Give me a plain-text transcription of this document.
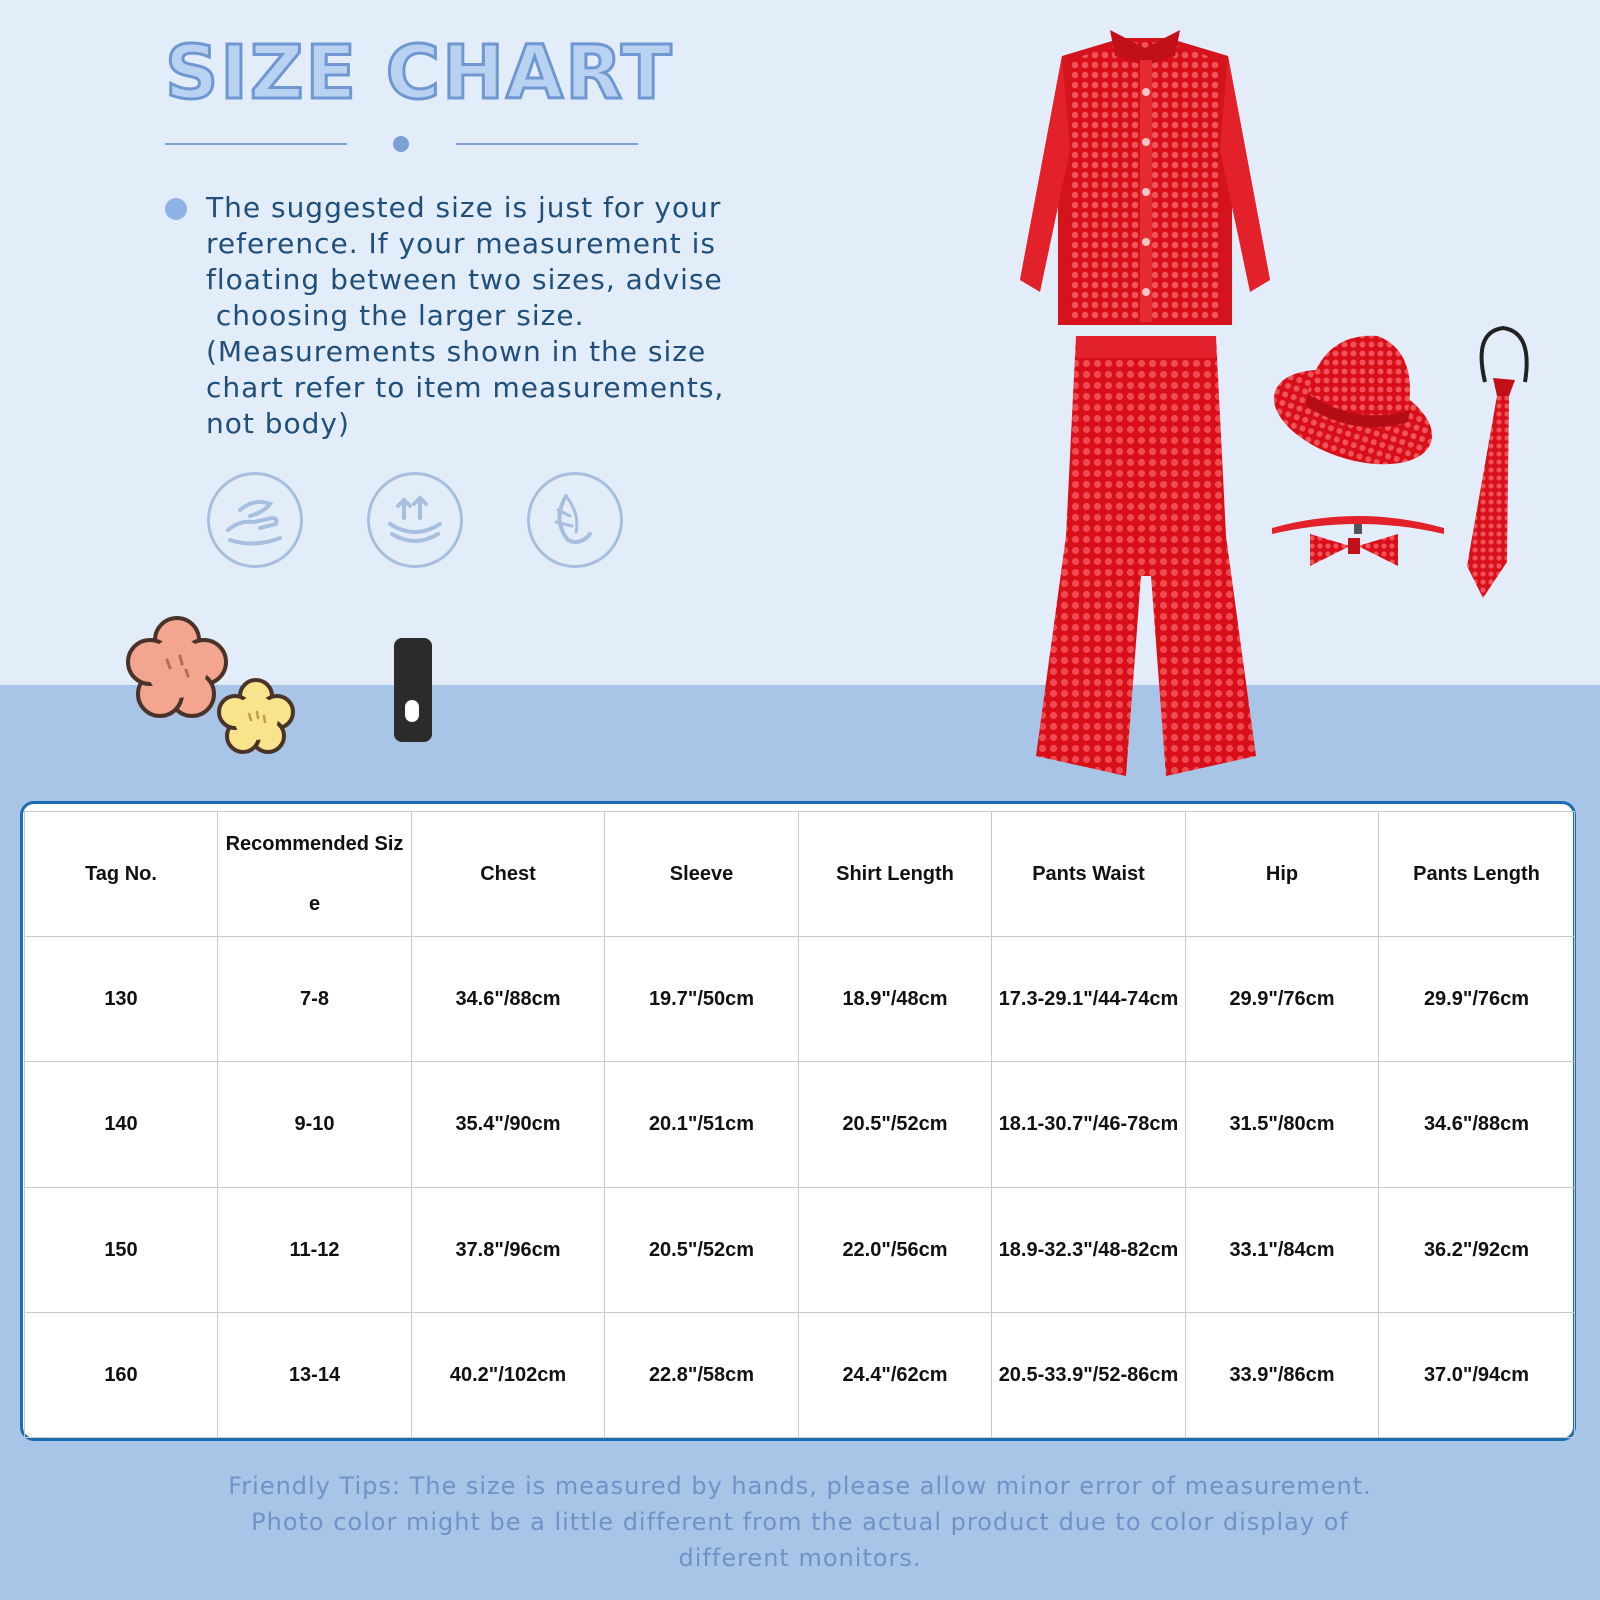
SIZE CHART
The suggested size is just for your
reference. If your measurement is
floating between two sizes, advise
choosing the larger size.
(Measurements shown in the size
chart refer to item measurements,
not body)
Tag No.	Recommended Size	Chest	Sleeve	Shirt Length	Pants Waist	Hip	Pants Length
130	7-8	34.6"/88cm	19.7"/50cm	18.9"/48cm	17.3-29.1"/44-74cm	29.9"/76cm	29.9"/76cm
140	9-10	35.4"/90cm	20.1"/51cm	20.5"/52cm	18.1-30.7"/46-78cm	31.5"/80cm	34.6"/88cm
150	11-12	37.8"/96cm	20.5"/52cm	22.0"/56cm	18.9-32.3"/48-82cm	33.1"/84cm	36.2"/92cm
160	13-14	40.2"/102cm	22.8"/58cm	24.4"/62cm	20.5-33.9"/52-86cm	33.9"/86cm	37.0"/94cm
Friendly Tips: The size is measured by hands, please allow minor error of measurement.
Photo color might be a little different from the actual product due to color display of
different monitors.
